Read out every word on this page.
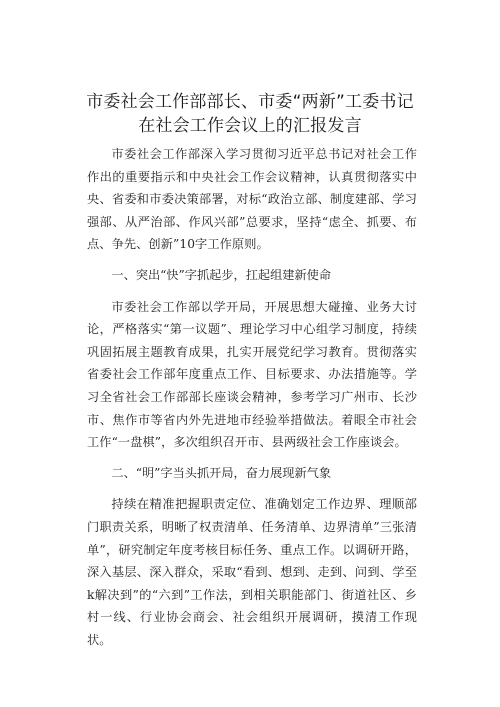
市委社会工作部部长、市委“两新”工委书记
在社会工作会议上的汇报发言

市委社会工作部深入学习贯彻习近平总书记对社会工作作出的重要指示和中央社会工作会议精神，认真贯彻落实中央、省委和市委决策部署，对标“政治立部、制度建部、学习强部、从严治部、作风兴部”总要求，坚持“虑全、抓要、布点、争先、创新”10字工作原则。

一、突出“快”字抓起步，扛起组建新使命

市委社会工作部以学开局，开展思想大碰撞、业务大讨论，严格落实“第一议题”、理论学习中心组学习制度，持续巩固拓展主题教育成果，扎实开展党纪学习教育。贯彻落实省委社会工作部年度重点工作、目标要求、办法措施等。学习全省社会工作部部长座谈会精神，参考学习广州市、长沙市、焦作市等省内外先进地市经验举措做法。着眼全市社会工作“一盘棋”，多次组织召开市、县两级社会工作座谈会。

二、“明”字当头抓开局，奋力展现新气象

持续在精准把握职责定位、准确划定工作边界、理顺部门职责关系，明晰了权责清单、任务清单、边界清单”三张清单”，研究制定年度考核目标任务、重点工作。以调研开路，深入基层、深入群众，采取“看到、想到、走到、问到、学至k解决到”的“六到”工作法，到相关职能部门、街道社区、乡村一线、行业协会商会、社会组织开展调研，摸清工作现状。
